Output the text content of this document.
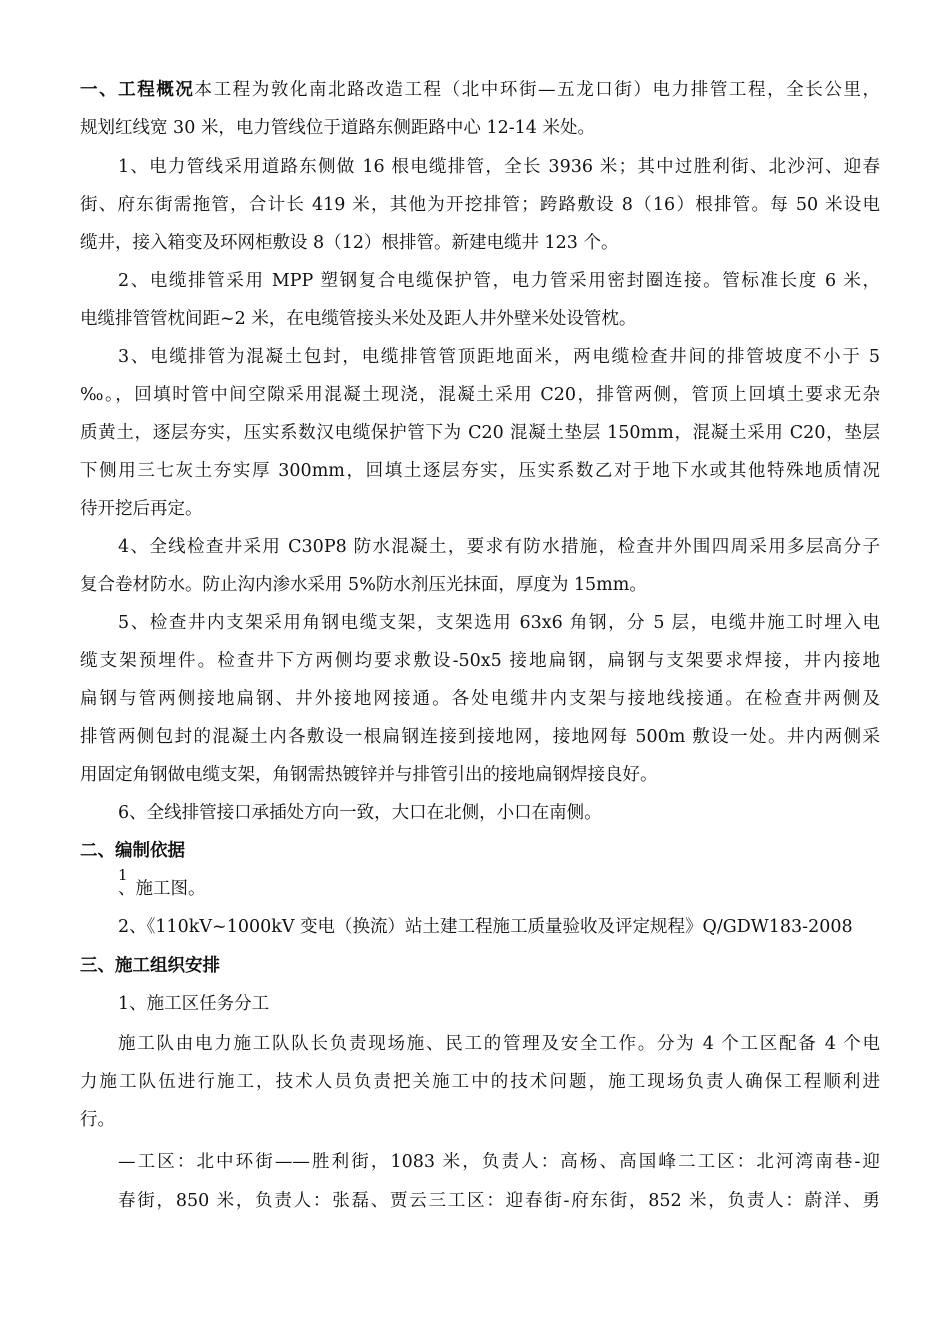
一、工程概况本工程为敦化南北路改造工程（北中环街—五龙口街）电力排管工程，全长公里，
规划红线宽 30 米，电力管线位于道路东侧距路中心 12-14 米处。
1、电力管线采用道路东侧做 16 根电缆排管，全长 3936 米；其中过胜利街、北沙河、迎春
街、府东街需拖管，合计长 419 米，其他为开挖排管；跨路敷设 8（16）根排管。每 50 米设电
缆井，接入箱变及环网柜敷设 8（12）根排管。新建电缆井 123 个。
2、电缆排管采用 MPP 塑钢复合电缆保护管，电力管采用密封圈连接。管标准长度 6 米，
电缆排管管枕间距~2 米，在电缆管接头米处及距人井外壁米处设管枕。
3、电缆排管为混凝土包封，电缆排管管顶距地面米，两电缆检查井间的排管坡度不小于 5
‰。，回填时管中间空隙采用混凝土现浇，混凝土采用 C20，排管两侧，管顶上回填土要求无杂
质黄土，逐层夯实，压实系数汉电缆保护管下为 C20 混凝土垫层 150mm，混凝土采用 C20，垫层
下侧用三七灰土夯实厚 300mm，回填土逐层夯实，压实系数乙对于地下水或其他特殊地质情况
待开挖后再定。
4、全线检查井采用 C30P8 防水混凝土，要求有防水措施，检查井外围四周采用多层高分子
复合卷材防水。防止沟内渗水采用 5%防水剂压光抹面，厚度为 15mm。
5、检查井内支架采用角钢电缆支架，支架选用 63x6 角钢，分 5 层，电缆井施工时埋入电
缆支架预埋件。检查井下方两侧均要求敷设-50x5 接地扁钢，扁钢与支架要求焊接，井内接地
扁钢与管两侧接地扁钢、井外接地网接通。各处电缆井内支架与接地线接通。在检查井两侧及
排管两侧包封的混凝土内各敷设一根扁钢连接到接地网，接地网每 500m 敷设一处。井内两侧采
用固定角钢做电缆支架，角钢需热镀锌并与排管引出的接地扁钢焊接良好。
6、全线排管接口承插处方向一致，大口在北侧，小口在南侧。
二、编制依据
1
、施工图。
2、《110kV~1000kV 变电（换流）站土建工程施工质量验收及评定规程》Q/GDW183-2008
三、施工组织安排
1、施工区任务分工
施工队由电力施工队队长负责现场施、民工的管理及安全工作。分为 4 个工区配备 4 个电
力施工队伍进行施工，技术人员负责把关施工中的技术问题，施工现场负责人确保工程顺利进
行。
—工区：北中环街——胜利街，1083 米，负责人：高杨、高国峰二工区：北河湾南巷-迎
春街，850 米，负责人：张磊、贾云三工区：迎春街-府东街，852 米，负责人：蔚洋、勇
